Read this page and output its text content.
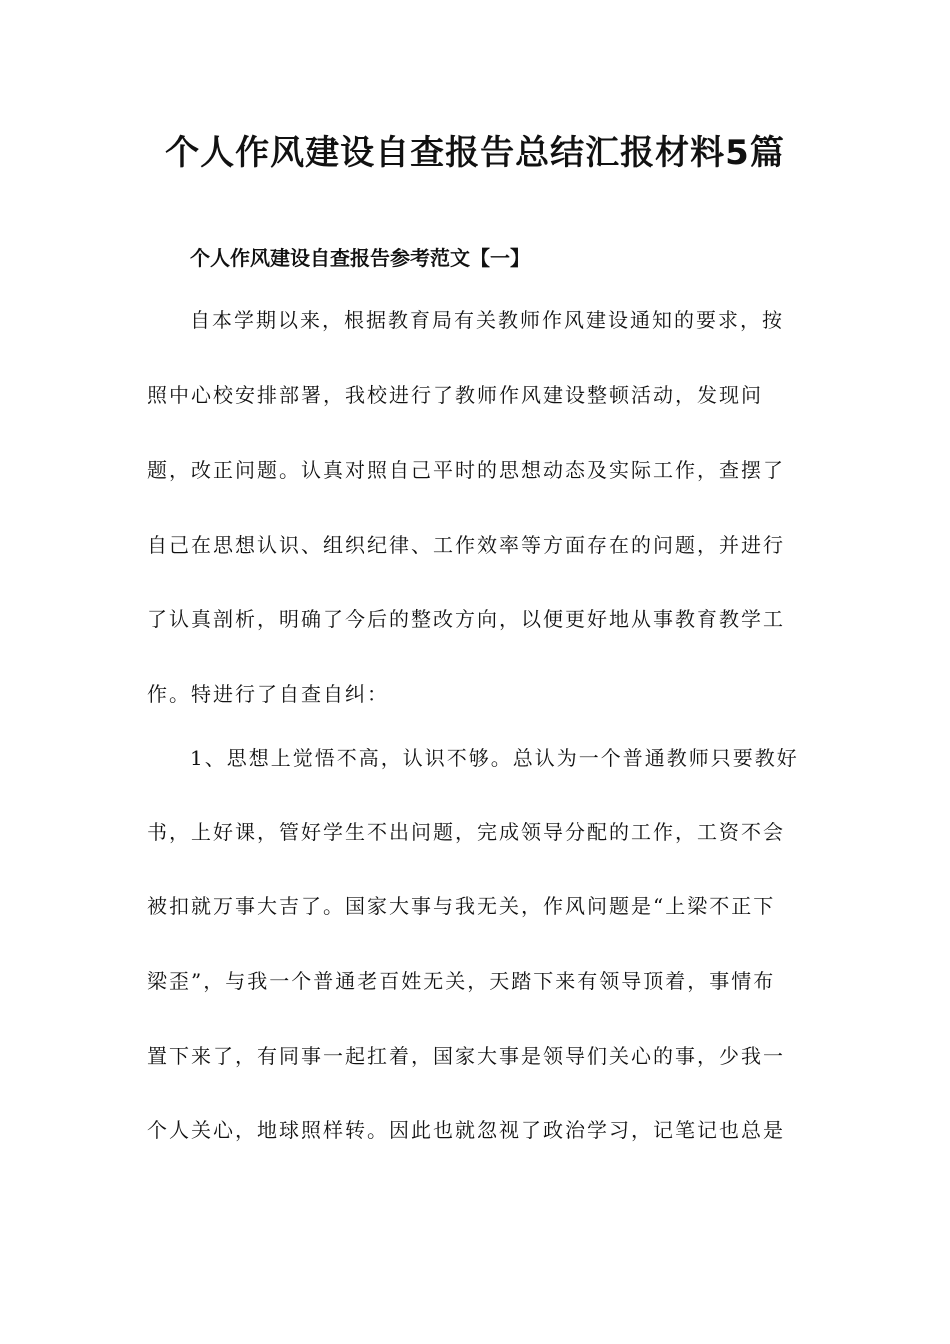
个人作风建设自查报告总结汇报材料5篇
个人作风建设自查报告参考范文【一】
自本学期以来，根据教育局有关教师作风建设通知的要求，按
照中心校安排部署，我校进行了教师作风建设整顿活动，发现问
题，改正问题。认真对照自己平时的思想动态及实际工作，查摆了
自己在思想认识、组织纪律、工作效率等方面存在的问题，并进行
了认真剖析，明确了今后的整改方向，以便更好地从事教育教学工
作。特进行了自查自纠：
1、思想上觉悟不高，认识不够。总认为一个普通教师只要教好
书，上好课，管好学生不出问题，完成领导分配的工作，工资不会
被扣就万事大吉了。国家大事与我无关，作风问题是“上梁不正下
梁歪”，与我一个普通老百姓无关，天踏下来有领导顶着，事情布
置下来了，有同事一起扛着，国家大事是领导们关心的事，少我一
个人关心，地球照样转。因此也就忽视了政治学习，记笔记也总是
